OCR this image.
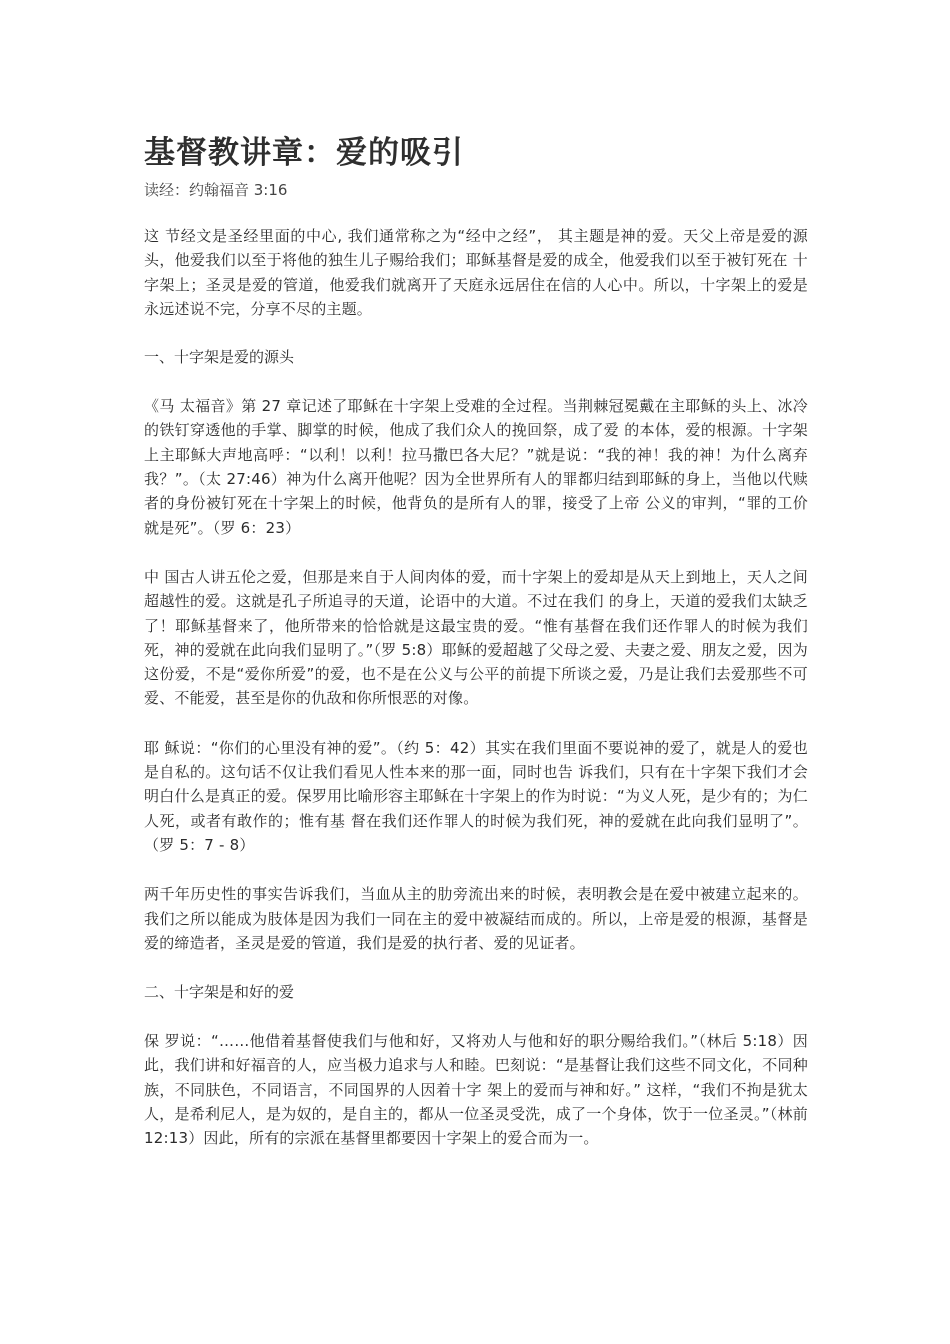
基督教讲章：爱的吸引
读经：约翰福音 3:16

这 节经文是圣经里面的中心, 我们通常称之为“经中之经”， 其主题是神的爱。天父上帝是爱的源头，他爱我们以至于将他的独生儿子赐给我们；耶稣基督是爱的成全，他爱我们以至于被钉死在 十字架上；圣灵是爱的管道，他爱我们就离开了天庭永远居住在信的人心中。所以，十字架上的爱是永远述说不完，分享不尽的主题。

一、十字架是爱的源头

《马 太福音》第 27 章记述了耶稣在十字架上受难的全过程。当荆棘冠冕戴在主耶稣的头上、冰冷的铁钉穿透他的手掌、脚掌的时候，他成了我们众人的挽回祭，成了爱 的本体，爱的根源。十字架上主耶稣大声地高呼：“以利！以利！拉马撒巴各大尼？”就是说：“我的神！我的神！为什么离弃我？”。（太 27:46）神为什么离开他呢？因为全世界所有人的罪都归结到耶稣的身上，当他以代赎者的身份被钉死在十字架上的时候，他背负的是所有人的罪，接受了上帝 公义的审判，“罪的工价就是死”。（罗 6：23）

中 国古人讲五伦之爱，但那是来自于人间肉体的爱，而十字架上的爱却是从天上到地上，天人之间超越性的爱。这就是孔子所追寻的天道，论语中的大道。不过在我们 的身上，天道的爱我们太缺乏了！耶稣基督来了，他所带来的恰恰就是这最宝贵的爱。“惟有基督在我们还作罪人的时候为我们死，神的爱就在此向我们显明了。”（罗 5:8）耶稣的爱超越了父母之爱、夫妻之爱、朋友之爱，因为这份爱，不是“爱你所爱”的爱，也不是在公义与公平的前提下所谈之爱，乃是让我们去爱那些不可 爱、不能爱，甚至是你的仇敌和你所恨恶的对像。

耶 稣说：“你们的心里没有神的爱”。（约 5：42）其实在我们里面不要说神的爱了，就是人的爱也是自私的。这句话不仅让我们看见人性本来的那一面，同时也告 诉我们，只有在十字架下我们才会明白什么是真正的爱。保罗用比喻形容主耶稣在十字架上的作为时说：“为义人死，是少有的；为仁人死，或者有敢作的；惟有基 督在我们还作罪人的时候为我们死，神的爱就在此向我们显明了”。（罗 5：7 - 8）

两千年历史性的事实告诉我们，当血从主的肋旁流出来的时候，表明教会是在爱中被建立起来的。我们之所以能成为肢体是因为我们一同在主的爱中被凝结而成的。所以，上帝是爱的根源，基督是爱的缔造者，圣灵是爱的管道，我们是爱的执行者、爱的见证者。

二、十字架是和好的爱

保 罗说：“……他借着基督使我们与他和好，又将劝人与他和好的职分赐给我们。”（林后 5:18）因此，我们讲和好福音的人，应当极力追求与人和睦。巴刻说：“是基督让我们这些不同文化，不同种族，不同肤色，不同语言，不同国界的人因着十字 架上的爱而与神和好。” 这样，“我们不拘是犹太人，是希利尼人，是为奴的，是自主的，都从一位圣灵受洗，成了一个身体，饮于一位圣灵。”（林前 12:13）因此，所有的宗派在基督里都要因十字架上的爱合而为一。
